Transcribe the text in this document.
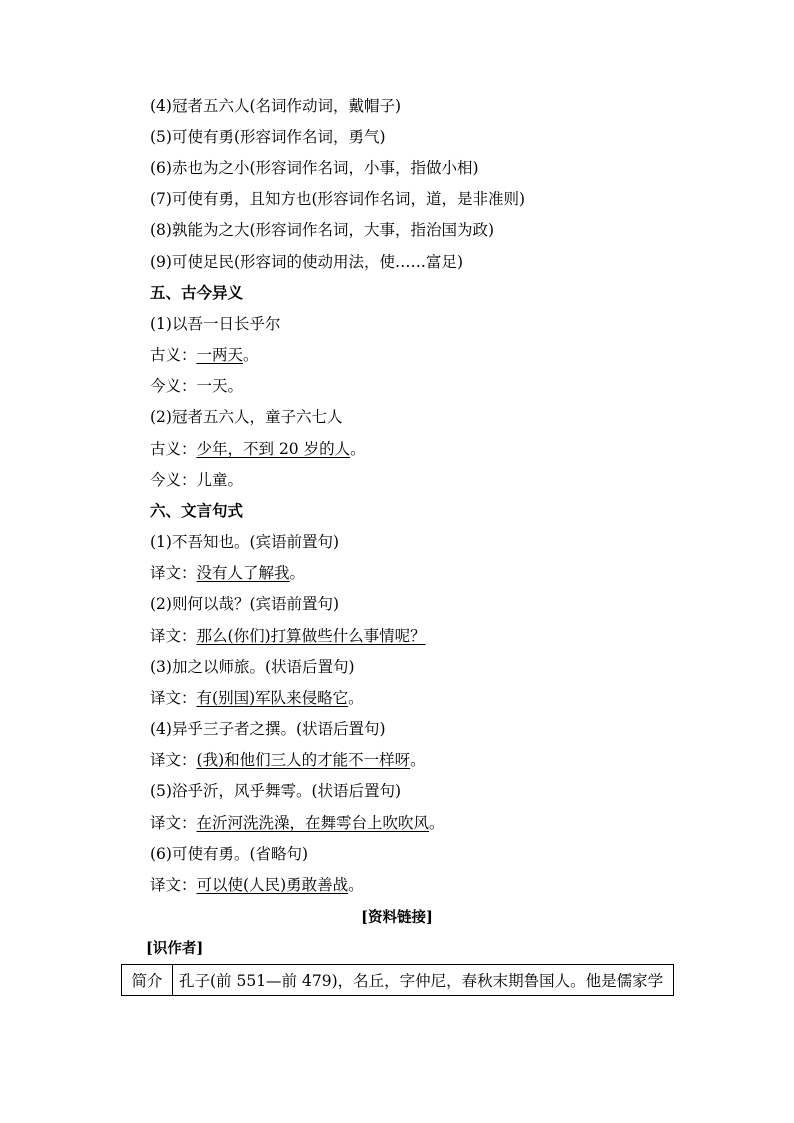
(4)冠者五六人(名词作动词，戴帽子)
(5)可使有勇(形容词作名词，勇气)
(6)赤也为之小(形容词作名词，小事，指做小相)
(7)可使有勇，且知方也(形容词作名词，道，是非准则)
(8)孰能为之大(形容词作名词，大事，指治国为政)
(9)可使足民(形容词的使动用法，使……富足)
五、古今异义
(1)以吾一日长乎尔
古义：一两天。
今义：一天。
(2)冠者五六人，童子六七人
古义：少年，不到 20 岁的人。
今义：儿童。
六、文言句式
(1)不吾知也。(宾语前置句)
译文：没有人了解我。
(2)则何以哉？(宾语前置句)
译文：那么(你们)打算做些什么事情呢？
(3)加之以师旅。(状语后置句)
译文：有(别国)军队来侵略它。
(4)异乎三子者之撰。(状语后置句)
译文：(我)和他们三人的才能不一样呀。
(5)浴乎沂，风乎舞雩。(状语后置句)
译文：在沂河洗洗澡，在舞雩台上吹吹风。
(6)可使有勇。(省略句)
译文：可以使(人民)勇敢善战。
[资料链接]
[识作者]
简介	孔子(前 551—前 479)，名丘，字仲尼，春秋末期鲁国人。他是儒家学
